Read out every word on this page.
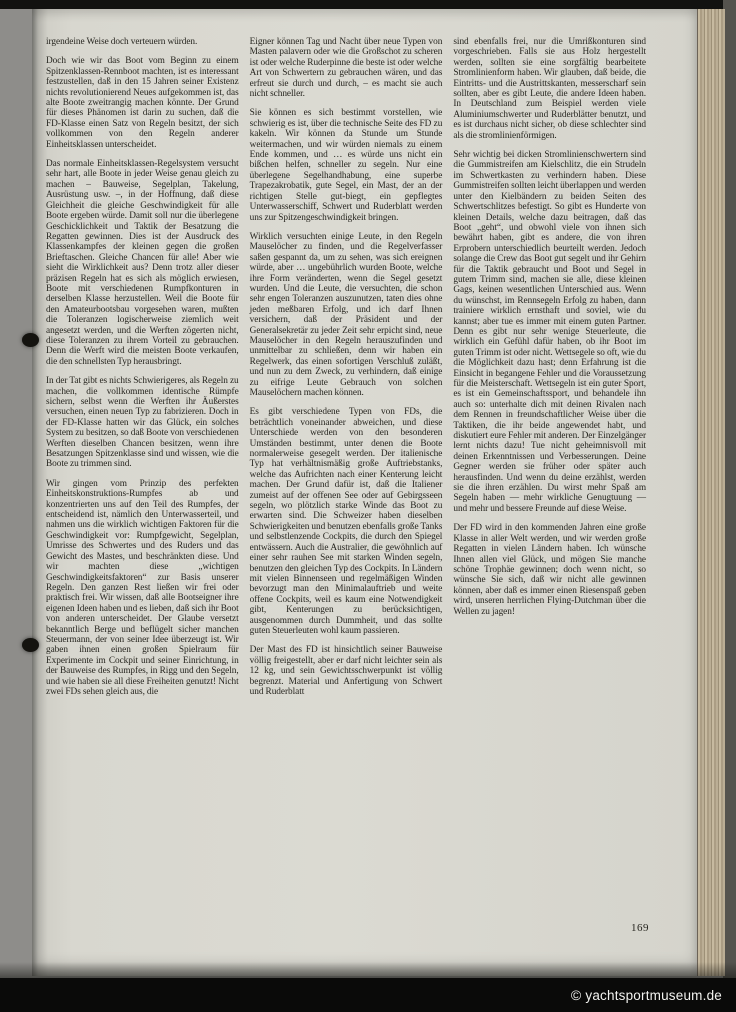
irgendeine Weise doch verteuern würden.

Doch wie wir das Boot vom Beginn zu einem Spitzenklassen-Rennboot machten, ist es interessant festzustellen, daß in den 15 Jahren seiner Existenz nichts revolutionierend Neues aufgekommen ist, das alte Boote zweitrangig machen könnte. Der Grund für dieses Phänomen ist darin zu suchen, daß die FD-Klasse einen Satz von Regeln besitzt, der sich vollkommen von den Regeln anderer Einheitsklassen unterscheidet.

Das normale Einheitsklassen-Regelsystem versucht sehr hart, alle Boote in jeder Weise genau gleich zu machen – Bauweise, Segelplan, Takelung, Ausrüstung usw. –, in der Hoffnung, daß diese Gleichheit die gleiche Geschwindigkeit für alle Boote ergeben würde. Damit soll nur die überlegene Geschicklichkeit und Taktik der Besatzung die Regatten gewinnen. Dies ist der Ausdruck des Klassenkampfes der kleinen gegen die großen Brieftaschen. Gleiche Chancen für alle! Aber wie sieht die Wirklichkeit aus? Denn trotz aller dieser präzisen Regeln hat es sich als möglich erwiesen, Boote mit verschiedenen Rumpfkonturen in derselben Klasse herzustellen. Weil die Boote für den Amateurbootsbau vorgesehen waren, mußten die Toleranzen logischerweise ziemlich weit angesetzt werden, und die Werften zögerten nicht, diese Toleranzen zu ihrem Vorteil zu gebrauchen. Denn die Werft wird die meisten Boote verkaufen, die den schnellsten Typ herausbringt.

In der Tat gibt es nichts Schwierigeres, als Regeln zu machen, die vollkommen identische Rümpfe sichern, selbst wenn die Werften ihr Äußerstes versuchen, einen neuen Typ zu fabrizieren. Doch in der FD-Klasse hatten wir das Glück, ein solches System zu besitzen, so daß Boote von verschiedenen Werften dieselben Chancen besitzen, wenn ihre Besatzungen Spitzenklasse sind und wissen, wie die Boote zu trimmen sind.

Wir gingen vom Prinzip des perfekten Einheitskonstruktions-Rumpfes ab und konzentrierten uns auf den Teil des Rumpfes, der entscheidend ist, nämlich den Unterwasserteil, und nahmen uns die wirklich wichtigen Faktoren für die Geschwindigkeit vor: Rumpfgewicht, Segelplan, Umrisse des Schwertes und des Ruders und das Gewicht des Mastes, und beschränkten diese. Und wir machten diese „wichtigen Geschwindigkeitsfaktoren“ zur Basis unserer Regeln. Den ganzen Rest ließen wir frei oder praktisch frei. Wir wissen, daß alle Bootseigner ihre eigenen Ideen haben und es lieben, daß sich ihr Boot von anderen unterscheidet. Der Glaube versetzt bekanntlich Berge und beflügelt sicher manchen Steuermann, der von seiner Idee überzeugt ist. Wir gaben ihnen einen großen Spielraum für Experimente im Cockpit und seiner Einrichtung, in der Bauweise des Rumpfes, in Rigg und den Segeln, und wie haben sie all diese Freiheiten genutzt! Nicht zwei FDs sehen gleich aus, die

Eigner können Tag und Nacht über neue Typen von Masten palavern oder wie die Großschot zu scheren ist oder welche Ruderpinne die beste ist oder welche Art von Schwertern zu gebrauchen wären, und das erfreut sie durch und durch, – es macht sie auch nicht schneller.

Sie können es sich bestimmt vorstellen, wie schwierig es ist, über die technische Seite des FD zu kakeln. Wir können da Stunde um Stunde weitermachen, und wir würden niemals zu einem Ende kommen, und … es würde uns nicht ein bißchen helfen, schneller zu segeln. Nur eine überlegene Segelhandhabung, eine superbe Trapezakrobatik, gute Segel, ein Mast, der an der richtigen Stelle gut-biegt, ein gepflegtes Unterwasserschiff, Schwert und Ruderblatt werden uns zur Spitzengeschwindigkeit bringen.

Wirklich versuchten einige Leute, in den Regeln Mauselöcher zu finden, und die Regelverfasser saßen gespannt da, um zu sehen, was sich ereignen würde, aber … ungebührlich wurden Boote, welche ihre Form veränderten, wenn die Segel gesetzt wurden. Und die Leute, die versuchten, die schon sehr engen Toleranzen auszunutzen, taten dies ohne jeden meßbaren Erfolg, und ich darf Ihnen versichern, daß der Präsident und der Generalsekretär zu jeder Zeit sehr erpicht sind, neue Mauselöcher in den Regeln herauszufinden und unmittelbar zu schließen, denn wir haben ein Regelwerk, das einen sofortigen Verschluß zuläßt, und nun zu dem Zweck, zu verhindern, daß einige zu eifrige Leute Gebrauch von solchen Mauselöchern machen können.

Es gibt verschiedene Typen von FDs, die beträchtlich voneinander abweichen, und diese Unterschiede werden von den besonderen Umständen bestimmt, unter denen die Boote normalerweise gesegelt werden. Der italienische Typ hat verhältnismäßig große Auftriebstanks, welche das Aufrichten nach einer Kenterung leicht machen. Der Grund dafür ist, daß die Italiener zumeist auf der offenen See oder auf Gebirgsseen segeln, wo plötzlich starke Winde das Boot zu erwarten sind. Die Schweizer haben dieselben Schwierigkeiten und benutzen ebenfalls große Tanks und selbstlenzende Cockpits, die durch den Spiegel entwässern. Auch die Australier, die gewöhnlich auf einer sehr rauhen See mit starken Winden segeln, benutzen den gleichen Typ des Cockpits. In Ländern mit vielen Binnenseen und regelmäßigen Winden bevorzugt man den Minimalauftrieb und weite offene Cockpits, weil es kaum eine Notwendigkeit gibt, Kenterungen zu berücksichtigen, ausgenommen durch Dummheit, und das sollte guten Steuerleuten wohl kaum passieren.

Der Mast des FD ist hinsichtlich seiner Bauweise völlig freigestellt, aber er darf nicht leichter sein als 12 kg, und sein Gewichtsschwerpunkt ist völlig begrenzt. Material und Anfertigung von Schwert und Ruderblatt

sind ebenfalls frei, nur die Umrißkonturen sind vorgeschrieben. Falls sie aus Holz hergestellt werden, sollten sie eine sorgfältig bearbeitete Stromlinienform haben. Wir glauben, daß beide, die Eintritts- und die Austrittskanten, messerscharf sein sollten, aber es gibt Leute, die andere Ideen haben. In Deutschland zum Beispiel werden viele Aluminiumschwerter und Ruderblätter benutzt, und es ist durchaus nicht sicher, ob diese schlechter sind als die stromlinienförmigen.

Sehr wichtig bei dicken Stromlinienschwertern sind die Gummistreifen am Kielschlitz, die ein Strudeln im Schwertkasten zu verhindern haben. Diese Gummistreifen sollten leicht überlappen und werden unter den Kielbändern zu beiden Seiten des Schwertschlitzes befestigt. So gibt es Hunderte von kleinen Details, welche dazu beitragen, daß das Boot „geht“, und obwohl viele von ihnen sich bewährt haben, gibt es andere, die von ihren Erprobern unterschiedlich beurteilt werden. Jedoch solange die Crew das Boot gut segelt und ihr Gehirn für die Taktik gebraucht und Boot und Segel in gutem Trimm sind, machen sie alle, diese kleinen Gags, keinen wesentlichen Unterschied aus. Wenn du wünschst, im Rennsegeln Erfolg zu haben, dann trainiere wirklich ernsthaft und soviel, wie du kannst; aber tue es immer mit einem guten Partner. Denn es gibt nur sehr wenige Steuerleute, die wirklich ein Gefühl dafür haben, ob ihr Boot im guten Trimm ist oder nicht. Wettsegele so oft, wie du die Möglichkeit dazu hast; denn Erfahrung ist die Einsicht in begangene Fehler und die Voraussetzung für die Meisterschaft. Wettsegeln ist ein guter Sport, es ist ein Gemeinschaftssport, und behandele ihn auch so: unterhalte dich mit deinen Rivalen nach dem Rennen in freundschaftlicher Weise über die Taktiken, die ihr beide angewendet habt, und diskutiert eure Fehler mit anderen. Der Einzelgänger lernt nichts dazu! Tue nicht geheimnisvoll mit deinen Erkenntnissen und Verbesserungen. Deine Gegner werden sie früher oder später auch herausfinden. Und wenn du deine erzählst, werden sie die ihren erzählen. Du wirst mehr Spaß am Segeln haben — mehr wirkliche Genugtuung — und mehr und bessere Freunde auf diese Weise.

Der FD wird in den kommenden Jahren eine große Klasse in aller Welt werden, und wir werden große Regatten in vielen Ländern haben. Ich wünsche Ihnen allen viel Glück, und mögen Sie manche schöne Trophäe gewinnen; doch wenn nicht, so wünsche Sie sich, daß wir nicht alle gewinnen können, aber daß es immer einen Riesenspaß geben wird, unseren herrlichen Flying-Dutchman über die Wellen zu jagen!

169
© yachtsportmuseum.de
